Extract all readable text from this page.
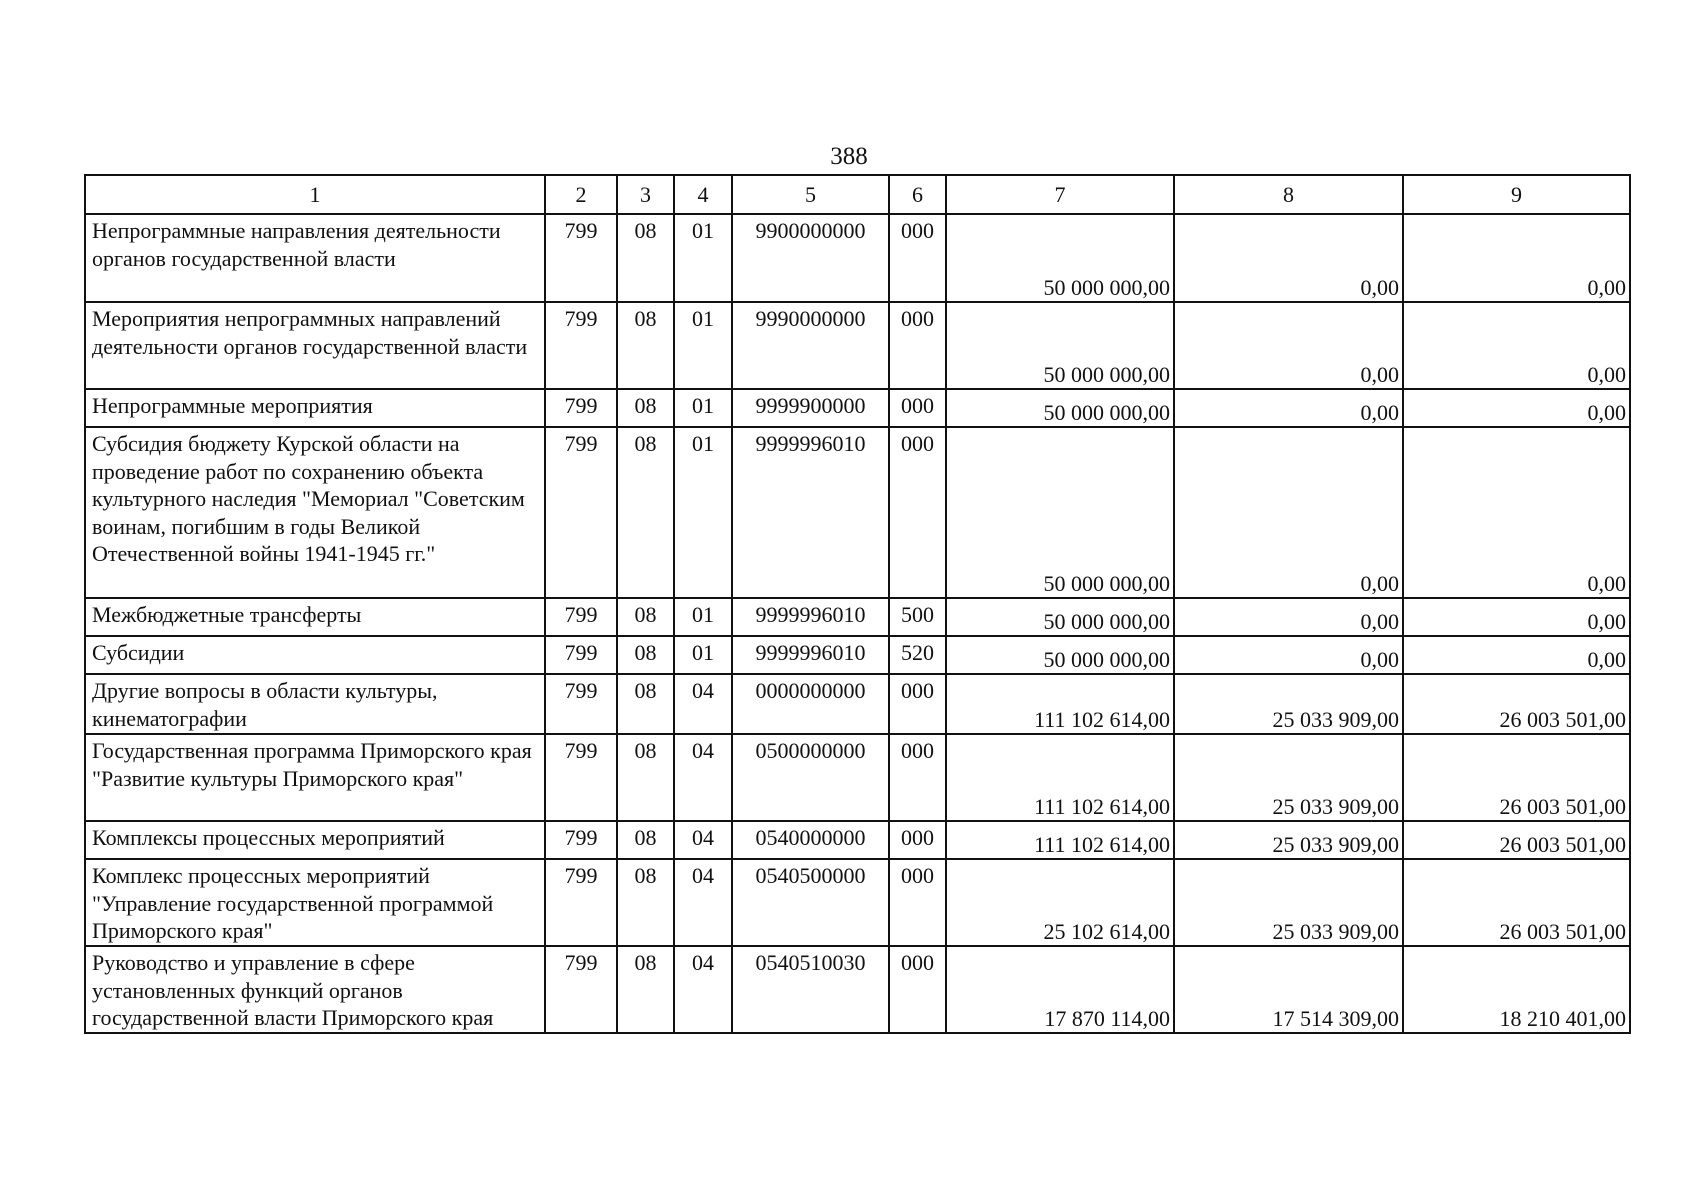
388
1	2	3	4	5	6	7	8	9
Непрограммные направления деятельности органов государственной власти	799	08	01	9900000000	000	50 000 000,00	0,00	0,00
Мероприятия непрограммных направлений деятельности органов государственной власти	799	08	01	9990000000	000	50 000 000,00	0,00	0,00
Непрограммные мероприятия	799	08	01	9999900000	000	50 000 000,00	0,00	0,00
Субсидия бюджету Курской области на проведение работ по сохранению объекта культурного наследия "Мемориал "Советским воинам, погибшим в годы Великой Отечественной войны 1941-1945 гг."	799	08	01	9999996010	000	50 000 000,00	0,00	0,00
Межбюджетные трансферты	799	08	01	9999996010	500	50 000 000,00	0,00	0,00
Субсидии	799	08	01	9999996010	520	50 000 000,00	0,00	0,00
Другие вопросы в области культуры, кинематографии	799	08	04	0000000000	000	111 102 614,00	25 033 909,00	26 003 501,00
Государственная программа Приморского края "Развитие культуры Приморского края"	799	08	04	0500000000	000	111 102 614,00	25 033 909,00	26 003 501,00
Комплексы процессных мероприятий	799	08	04	0540000000	000	111 102 614,00	25 033 909,00	26 003 501,00
Комплекс процессных мероприятий "Управление государственной программой Приморского края"	799	08	04	0540500000	000	25 102 614,00	25 033 909,00	26 003 501,00
Руководство и управление в сфере установленных функций органов государственной власти Приморского края	799	08	04	0540510030	000	17 870 114,00	17 514 309,00	18 210 401,00
